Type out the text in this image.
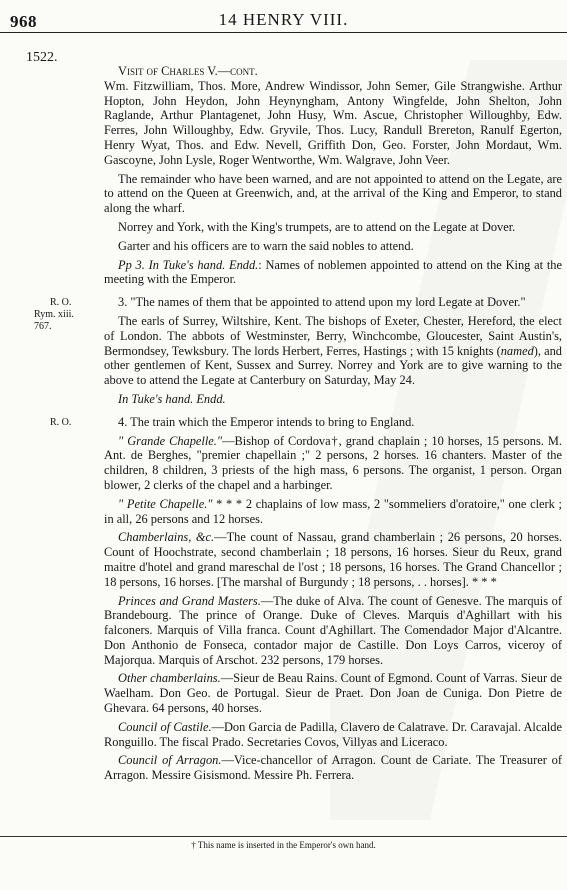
968	14 HENRY VIII.
1522.
Visit of Charles V.—cont.

Wm. Fitzwilliam, Thos. More, Andrew Windissor, John Semer, Gile Strangwishe. Arthur Hopton, John Heydon, John Heynyngham, Antony Wingfelde, John Shelton, John Raglande, Arthur Plantagenet, John Husy, Wm. Ascue, Christopher Willoughby, Edw. Ferres, John Willoughby, Edw. Gryvile, Thos. Lucy, Randull Brereton, Ranulf Egerton, Henry Wyat, Thos. and Edw. Nevell, Griffith Don, Geo. Forster, John Mordaut, Wm. Gascoyne, John Lysle, Roger Wentworthe, Wm. Walgrave, John Veer.

The remainder who have been warned, and are not appointed to attend on the Legate, are to attend on the Queen at Greenwich, and, at the arrival of the King and Emperor, to stand along the wharf.

Norrey and York, with the King's trumpets, are to attend on the Legate at Dover.

Garter and his officers are to warn the said nobles to attend.

Pp 3. In Tuke's hand. Endd.: Names of noblemen appointed to attend on the King at the meeting with the Emperor.

R. O.
Rym. xiii. 767.

3. "The names of them that be appointed to attend upon my lord Legate at Dover."

The earls of Surrey, Wiltshire, Kent. The bishops of Exeter, Chester, Hereford, the elect of London. The abbots of Westminster, Berry, Winchcombe, Gloucester, Saint Austin's, Bermondsey, Tewksbury. The lords Herbert, Ferres, Hastings ; with 15 knights (named), and other gentlemen of Kent, Sussex and Surrey. Norrey and York are to give warning to the above to attend the Legate at Canterbury on Saturday, May 24.

In Tuke's hand. Endd.

R. O.	4. The train which the Emperor intends to bring to England.

" Grande Chapelle."—Bishop of Cordova†, grand chaplain ; 10 horses, 15 persons. M. Ant. de Berghes, "premier chapellain ;" 2 persons, 2 horses. 16 chanters. Master of the children, 8 children, 3 priests of the high mass, 6 persons. The organist, 1 person. Organ blower, 2 clerks of the chapel and a harbinger.

" Petite Chapelle." * * * 2 chaplains of low mass, 2 "sommeliers d'oratoire," one clerk ; in all, 26 persons and 12 horses.

Chamberlains, &c.—The count of Nassau, grand chamberlain ; 26 persons, 20 horses. Count of Hoochstrate, second chamberlain ; 18 persons, 16 horses. Sieur du Reux, grand maitre d'hotel and grand mareschal de l'ost ; 18 persons, 16 horses. The Grand Chancellor ; 18 persons, 16 horses. [The marshal of Burgundy ; 18 persons, . . horses]. * * *

Princes and Grand Masters.—The duke of Alva. The count of Genesve. The marquis of Brandebourg. The prince of Orange. Duke of Cleves. Marquis d'Aghillart with his falconers. Marquis of Villa franca. Count d'Aghillart. The Comendador Major d'Alcantre. Don Anthonio de Fonseca, contador major de Castille. Don Loys Carros, viceroy of Majorqua. Marquis of Arschot. 232 persons, 179 horses.

Other chamberlains.—Sieur de Beau Rains. Count of Egmond. Count of Varras. Sieur de Waelham. Don Geo. de Portugal. Sieur de Praet. Don Joan de Cuniga. Don Pietre de Ghevara. 64 persons, 40 horses.

Council of Castile.—Don Garcia de Padilla, Clavero de Calatrave. Dr. Caravajal. Alcalde Ronguillo. The fiscal Prado. Secretaries Covos, Villyas and Liceraco.

Council of Arragon.—Vice-chancellor of Arragon. Count de Cariate. The Treasurer of Arragon. Messire Gisismond. Messire Ph. Ferrera.

† This name is inserted in the Emperor's own hand.
